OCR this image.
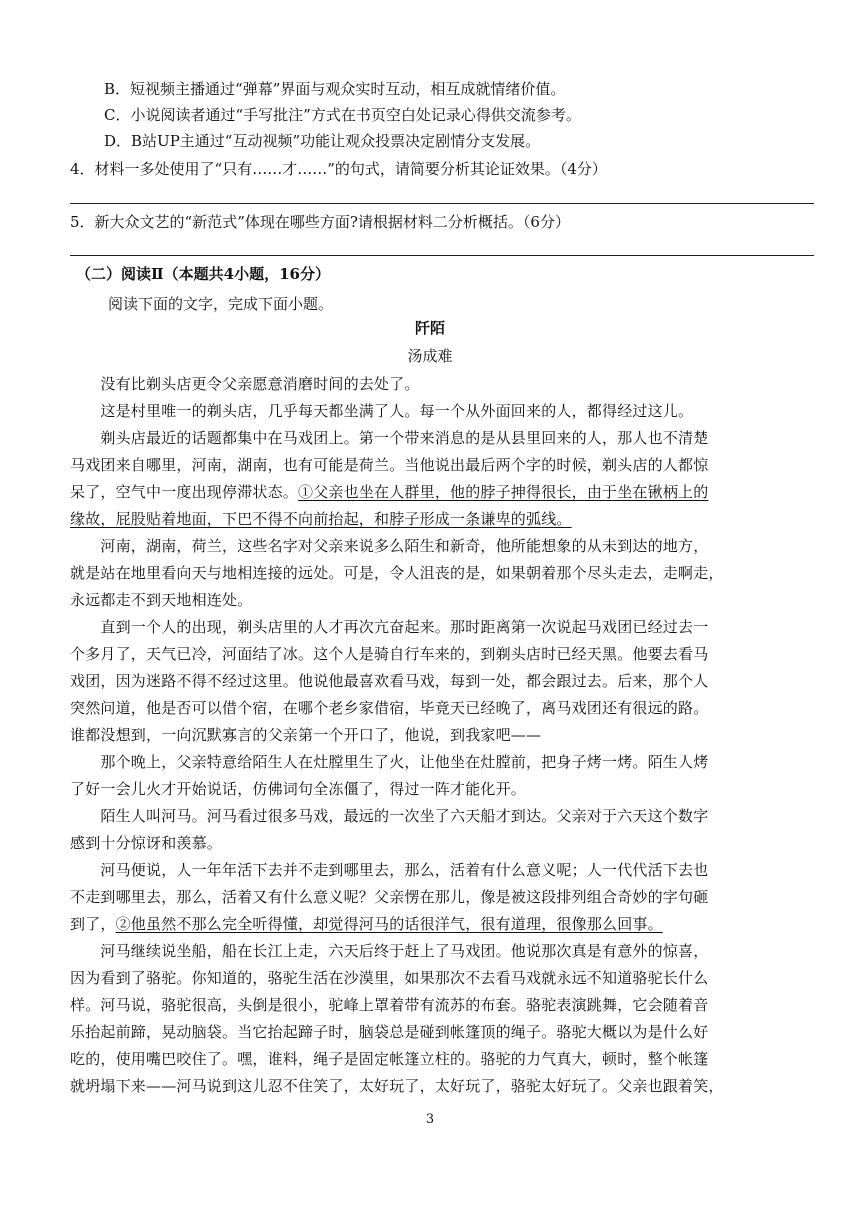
B．短视频主播通过“弹幕”界面与观众实时互动，相互成就情绪价值。
C．小说阅读者通过“手写批注”方式在书页空白处记录心得供交流参考。
D．B站UP主通过“互动视频”功能让观众投票决定剧情分支发展。
4．材料一多处使用了“只有……才……”的句式，请简要分析其论证效果。（4分）
5．新大众文艺的“新范式”体现在哪些方面?请根据材料二分析概括。（6分）
（二）阅读Ⅱ（本题共4小题，16分）
阅读下面的文字，完成下面小题。
阡陌
汤成难
　　没有比剃头店更令父亲愿意消磨时间的去处了。
　　这是村里唯一的剃头店，几乎每天都坐满了人。每一个从外面回来的人，都得经过这儿。
　　剃头店最近的话题都集中在马戏团上。第一个带来消息的是从县里回来的人，那人也不清楚
马戏团来自哪里，河南，湖南，也有可能是荷兰。当他说出最后两个字的时候，剃头店的人都惊
呆了，空气中一度出现停滞状态。①父亲也坐在人群里，他的脖子抻得很长，由于坐在锹柄上的
缘故，屁股贴着地面，下巴不得不向前抬起，和脖子形成一条谦卑的弧线。
　　河南，湖南，荷兰，这些名字对父亲来说多么陌生和新奇，他所能想象的从未到达的地方，
就是站在地里看向天与地相连接的远处。可是，令人沮丧的是，如果朝着那个尽头走去，走啊走，
永远都走不到天地相连处。
　　直到一个人的出现，剃头店里的人才再次亢奋起来。那时距离第一次说起马戏团已经过去一
个多月了，天气已冷，河面结了冰。这个人是骑自行车来的，到剃头店时已经天黑。他要去看马
戏团，因为迷路不得不经过这里。他说他最喜欢看马戏，每到一处，都会跟过去。后来，那个人
突然问道，他是否可以借个宿，在哪个老乡家借宿，毕竟天已经晚了，离马戏团还有很远的路。
谁都没想到，一向沉默寡言的父亲第一个开口了，他说，到我家吧——
　　那个晚上，父亲特意给陌生人在灶膛里生了火，让他坐在灶膛前，把身子烤一烤。陌生人烤
了好一会儿火才开始说话，仿佛词句全冻僵了，得过一阵才能化开。
　　陌生人叫河马。河马看过很多马戏，最远的一次坐了六天船才到达。父亲对于六天这个数字
感到十分惊讶和羡慕。
　　河马便说，人一年年活下去并不走到哪里去，那么，活着有什么意义呢；人一代代活下去也
不走到哪里去，那么，活着又有什么意义呢？父亲愣在那儿，像是被这段排列组合奇妙的字句砸
到了，②他虽然不那么完全听得懂，却觉得河马的话很洋气，很有道理，很像那么回事。
　　河马继续说坐船，船在长江上走，六天后终于赶上了马戏团。他说那次真是有意外的惊喜，
因为看到了骆驼。你知道的，骆驼生活在沙漠里，如果那次不去看马戏就永远不知道骆驼长什么
样。河马说，骆驼很高，头倒是很小，驼峰上罩着带有流苏的布套。骆驼表演跳舞，它会随着音
乐抬起前蹄，晃动脑袋。当它抬起蹄子时，脑袋总是碰到帐篷顶的绳子。骆驼大概以为是什么好
吃的，使用嘴巴咬住了。嘿，谁料，绳子是固定帐篷立柱的。骆驼的力气真大，顿时，整个帐篷
就坍塌下来——河马说到这儿忍不住笑了，太好玩了，太好玩了，骆驼太好玩了。父亲也跟着笑，
3
